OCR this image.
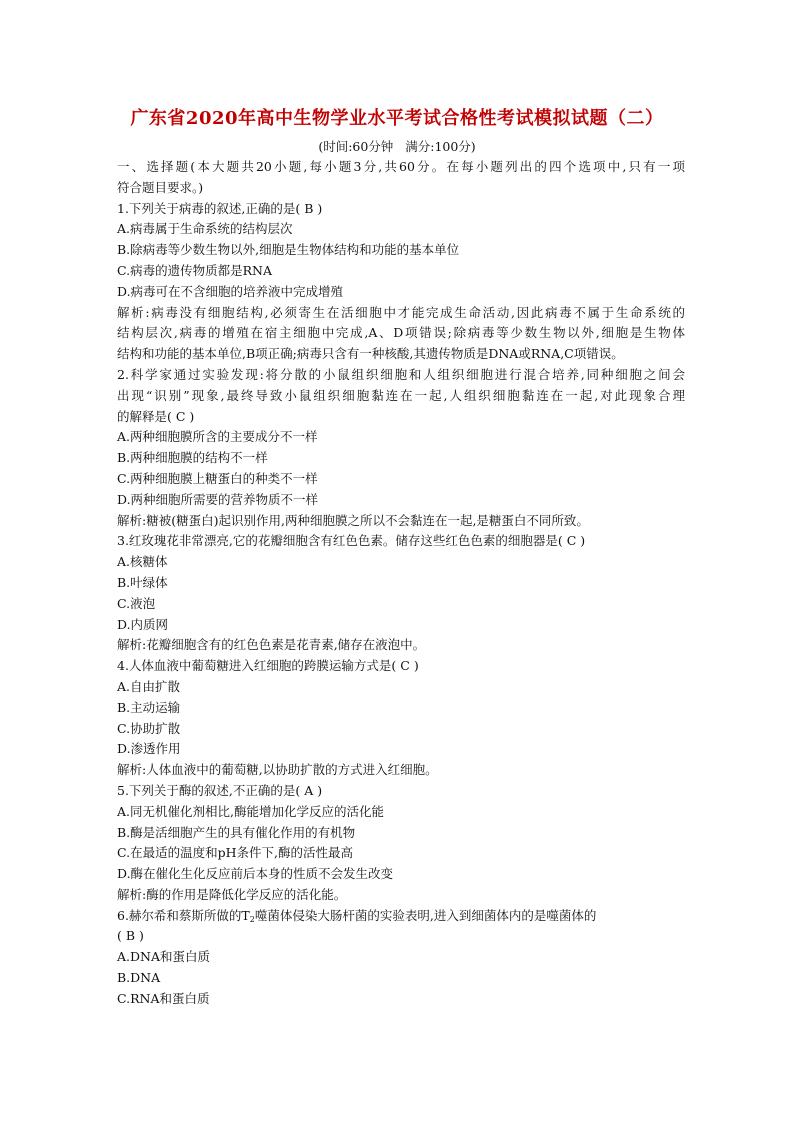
广东省2020年高中生物学业水平考试合格性考试模拟试题（二）
(时间:60分钟   满分:100分)
一、选择题(本大题共20小题,每小题3分,共60分。在每小题列出的四个选项中,只有一项
符合题目要求。)
1.下列关于病毒的叙述,正确的是( B )
A.病毒属于生命系统的结构层次
B.除病毒等少数生物以外,细胞是生物体结构和功能的基本单位
C.病毒的遗传物质都是RNA
D.病毒可在不含细胞的培养液中完成增殖
解析:病毒没有细胞结构,必须寄生在活细胞中才能完成生命活动,因此病毒不属于生命系统的
结构层次,病毒的增殖在宿主细胞中完成,A、D项错误;除病毒等少数生物以外,细胞是生物体
结构和功能的基本单位,B项正确;病毒只含有一种核酸,其遗传物质是DNA或RNA,C项错误。
2.科学家通过实验发现:将分散的小鼠组织细胞和人组织细胞进行混合培养,同种细胞之间会
出现“识别”现象,最终导致小鼠组织细胞黏连在一起,人组织细胞黏连在一起,对此现象合理
的解释是( C )
A.两种细胞膜所含的主要成分不一样
B.两种细胞膜的结构不一样
C.两种细胞膜上糖蛋白的种类不一样
D.两种细胞所需要的营养物质不一样
解析:糖被(糖蛋白)起识别作用,两种细胞膜之所以不会黏连在一起,是糖蛋白不同所致。
3.红玫瑰花非常漂亮,它的花瓣细胞含有红色色素。储存这些红色色素的细胞器是( C )
A.核糖体
B.叶绿体
C.液泡
D.内质网
解析:花瓣细胞含有的红色色素是花青素,储存在液泡中。
4.人体血液中葡萄糖进入红细胞的跨膜运输方式是( C )
A.自由扩散
B.主动运输
C.协助扩散
D.渗透作用
解析:人体血液中的葡萄糖,以协助扩散的方式进入红细胞。
5.下列关于酶的叙述,不正确的是( A )
A.同无机催化剂相比,酶能增加化学反应的活化能
B.酶是活细胞产生的具有催化作用的有机物
C.在最适的温度和pH条件下,酶的活性最高
D.酶在催化生化反应前后本身的性质不会发生改变
解析:酶的作用是降低化学反应的活化能。
6.赫尔希和蔡斯所做的$T_2$噬菌体侵染大肠杆菌的实验表明,进入到细菌体内的是噬菌体的
( B )
A.DNA和蛋白质
B.DNA
C.RNA和蛋白质
